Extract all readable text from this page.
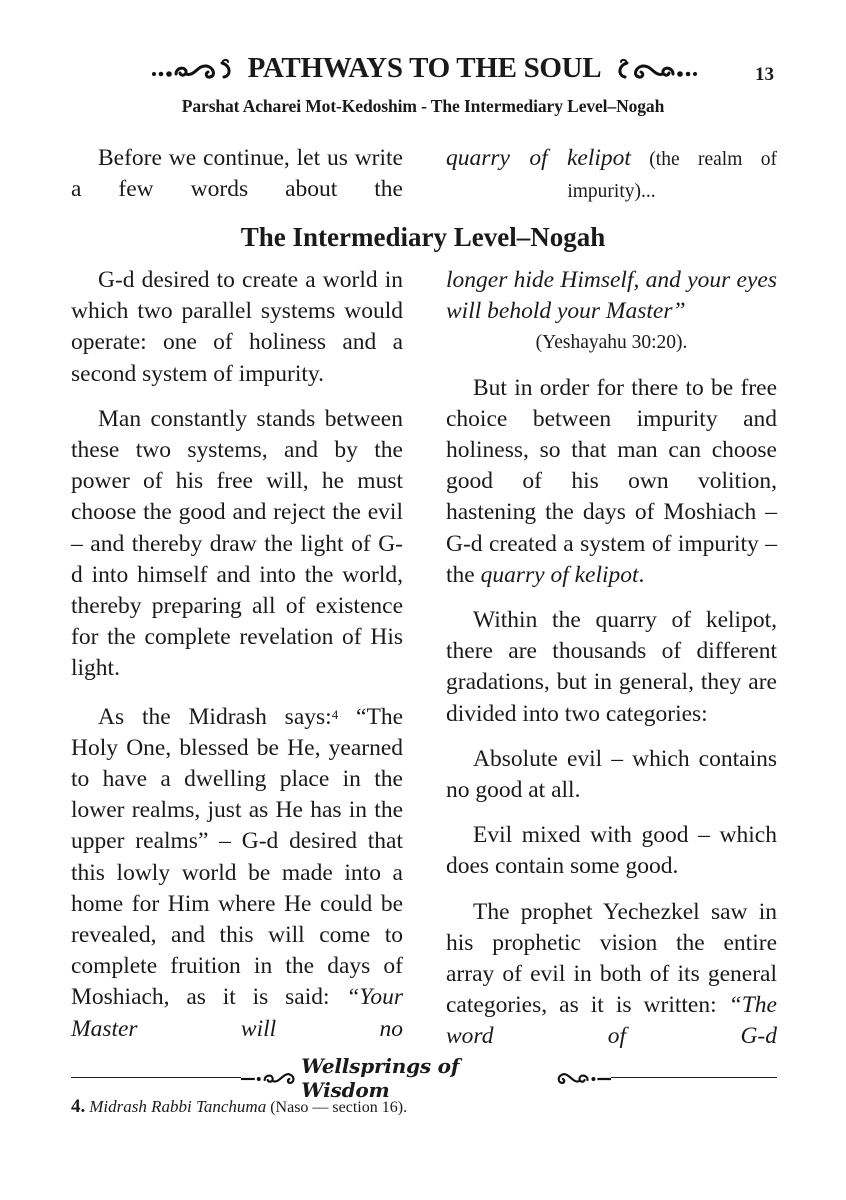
PATHWAYS TO THE SOUL	13
Parshat Acharei Mot-Kedoshim - The Intermediary Level–Nogah

Before we continue, let us write a few words about the

quarry of kelipot (the realm of impurity)...

The Intermediary Level–Nogah

G-d desired to create a world in which two parallel systems would operate: one of holiness and a second system of impurity.

Man constantly stands between these two systems, and by the power of his free will, he must choose the good and reject the evil – and thereby draw the light of G-d into himself and into the world, thereby preparing all of existence for the complete revelation of His light.

As the Midrash says:$^4$ “The Holy One, blessed be He, yearned to have a dwelling place in the lower realms, just as He has in the upper realms” – G-d desired that this lowly world be made into a home for Him where He could be revealed, and this will come to complete fruition in the days of Moshiach, as it is said: “Your Master will no

longer hide Himself, and your eyes will behold your Master”

(Yeshayahu 30:20).

But in order for there to be free choice between impurity and holiness, so that man can choose good of his own volition, hastening the days of Moshiach – G-d created a system of impurity – the quarry of kelipot.

Within the quarry of kelipot, there are thousands of different gradations, but in general, they are divided into two categories:

Absolute evil – which contains no good at all.

Evil mixed with good – which does contain some good.

The prophet Yechezkel saw in his prophetic vision the entire array of evil in both of its general categories, as it is written: “The word of G-d

Wellsprings of Wisdom
4. Midrash Rabbi Tanchuma (Naso — section 16).
